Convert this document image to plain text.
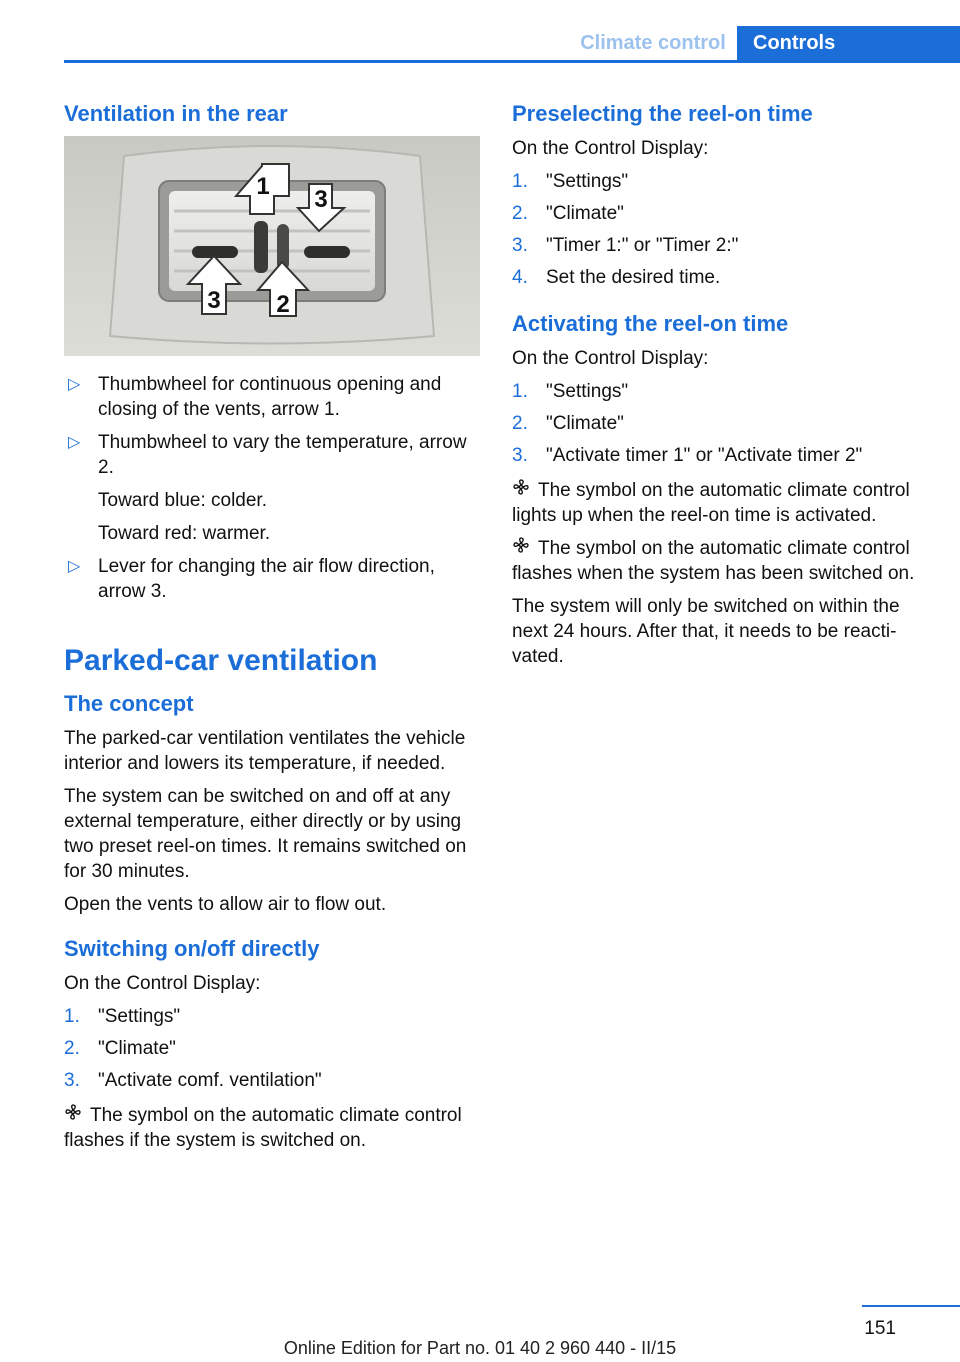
Climate control	Controls
Ventilation in the rear
1
2
3
3
▷ Thumbwheel for continuous opening and closing of the vents, arrow 1.
▷ Thumbwheel to vary the temperature, arrow 2.
Toward blue: colder.
Toward red: warmer.
▷ Lever for changing the air flow direction, arrow 3.
Parked-car ventilation
The concept

The parked-car ventilation ventilates the vehicle interior and lowers its temperature, if needed.

The system can be switched on and off at any external temperature, either directly or by using two preset reel-on times. It remains switched on for 30 minutes.

Open the vents to allow air to flow out.

Switching on/off directly

On the Control Display:

1. "Settings"
2. "Climate"
3. "Activate comf. ventilation"

The symbol on the automatic climate control flashes if the system is switched on.

Preselecting the reel-on time

On the Control Display:

1. "Settings"
2. "Climate"
3. "Timer 1:" or "Timer 2:"
4. Set the desired time.
Activating the reel-on time

On the Control Display:

1. "Settings"
2. "Climate"
3. "Activate timer 1" or "Activate timer 2"

The symbol on the automatic climate control lights up when the reel-on time is activated.

The symbol on the automatic climate control flashes when the system has been switched on.

The system will only be switched on within the next 24 hours. After that, it needs to be reactivated.

151
Online Edition for Part no. 01 40 2 960 440 - II/15
